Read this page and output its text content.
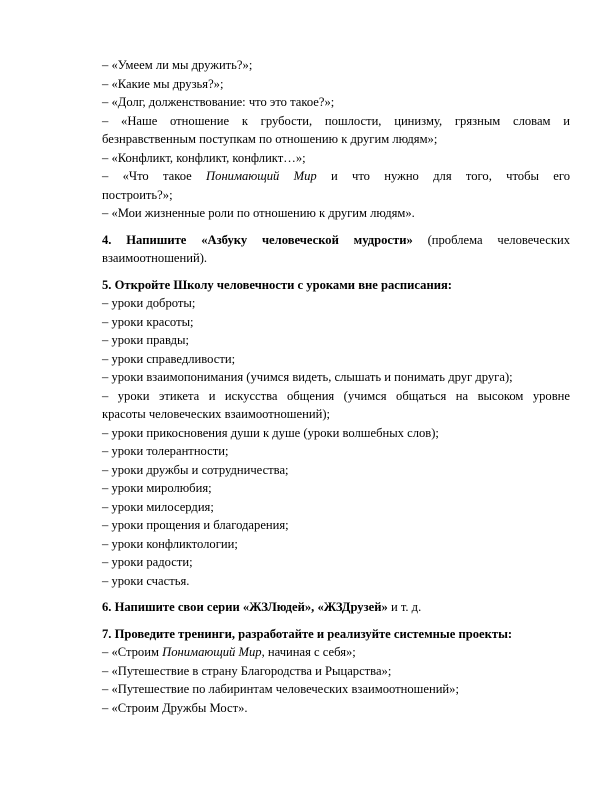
– «Умеем ли мы дружить?»;

– «Какие мы друзья?»;

– «Долг, долженствование: что это такое?»;

– «Наше отношение к грубости, пошлости, цинизму, грязным словам и

безнравственным поступкам по отношению к другим людям»;

– «Конфликт, конфликт, конфликт…»;

– «Что такое Понимающий Мир и что нужно для того, чтобы его

построить?»;

– «Мои жизненные роли по отношению к другим людям».

4. Напишите «Азбуку человеческой мудрости» (проблема человеческих

взаимоотношений).

5. Откройте Школу человечности с уроками вне расписания:

– уроки доброты;

– уроки красоты;

– уроки правды;

– уроки справедливости;

– уроки взаимопонимания (учимся видеть, слышать и понимать друг друга);

– уроки этикета и искусства общения (учимся общаться на высоком уровне

красоты человеческих взаимоотношений);

– уроки прикосновения души к душе (уроки волшебных слов);

– уроки толерантности;

– уроки дружбы и сотрудничества;

– уроки миролюбия;

– уроки милосердия;

– уроки прощения и благодарения;

– уроки конфликтологии;

– уроки радости;

– уроки счастья.

6. Напишите свои серии «ЖЗЛюдей», «ЖЗДрузей» и т. д.

7. Проведите тренинги, разработайте и реализуйте системные проекты:

– «Строим Понимающий Мир, начиная с себя»;

– «Путешествие в страну Благородства и Рыцарства»;

– «Путешествие по лабиринтам человеческих взаимоотношений»;

– «Строим Дружбы Мост».
